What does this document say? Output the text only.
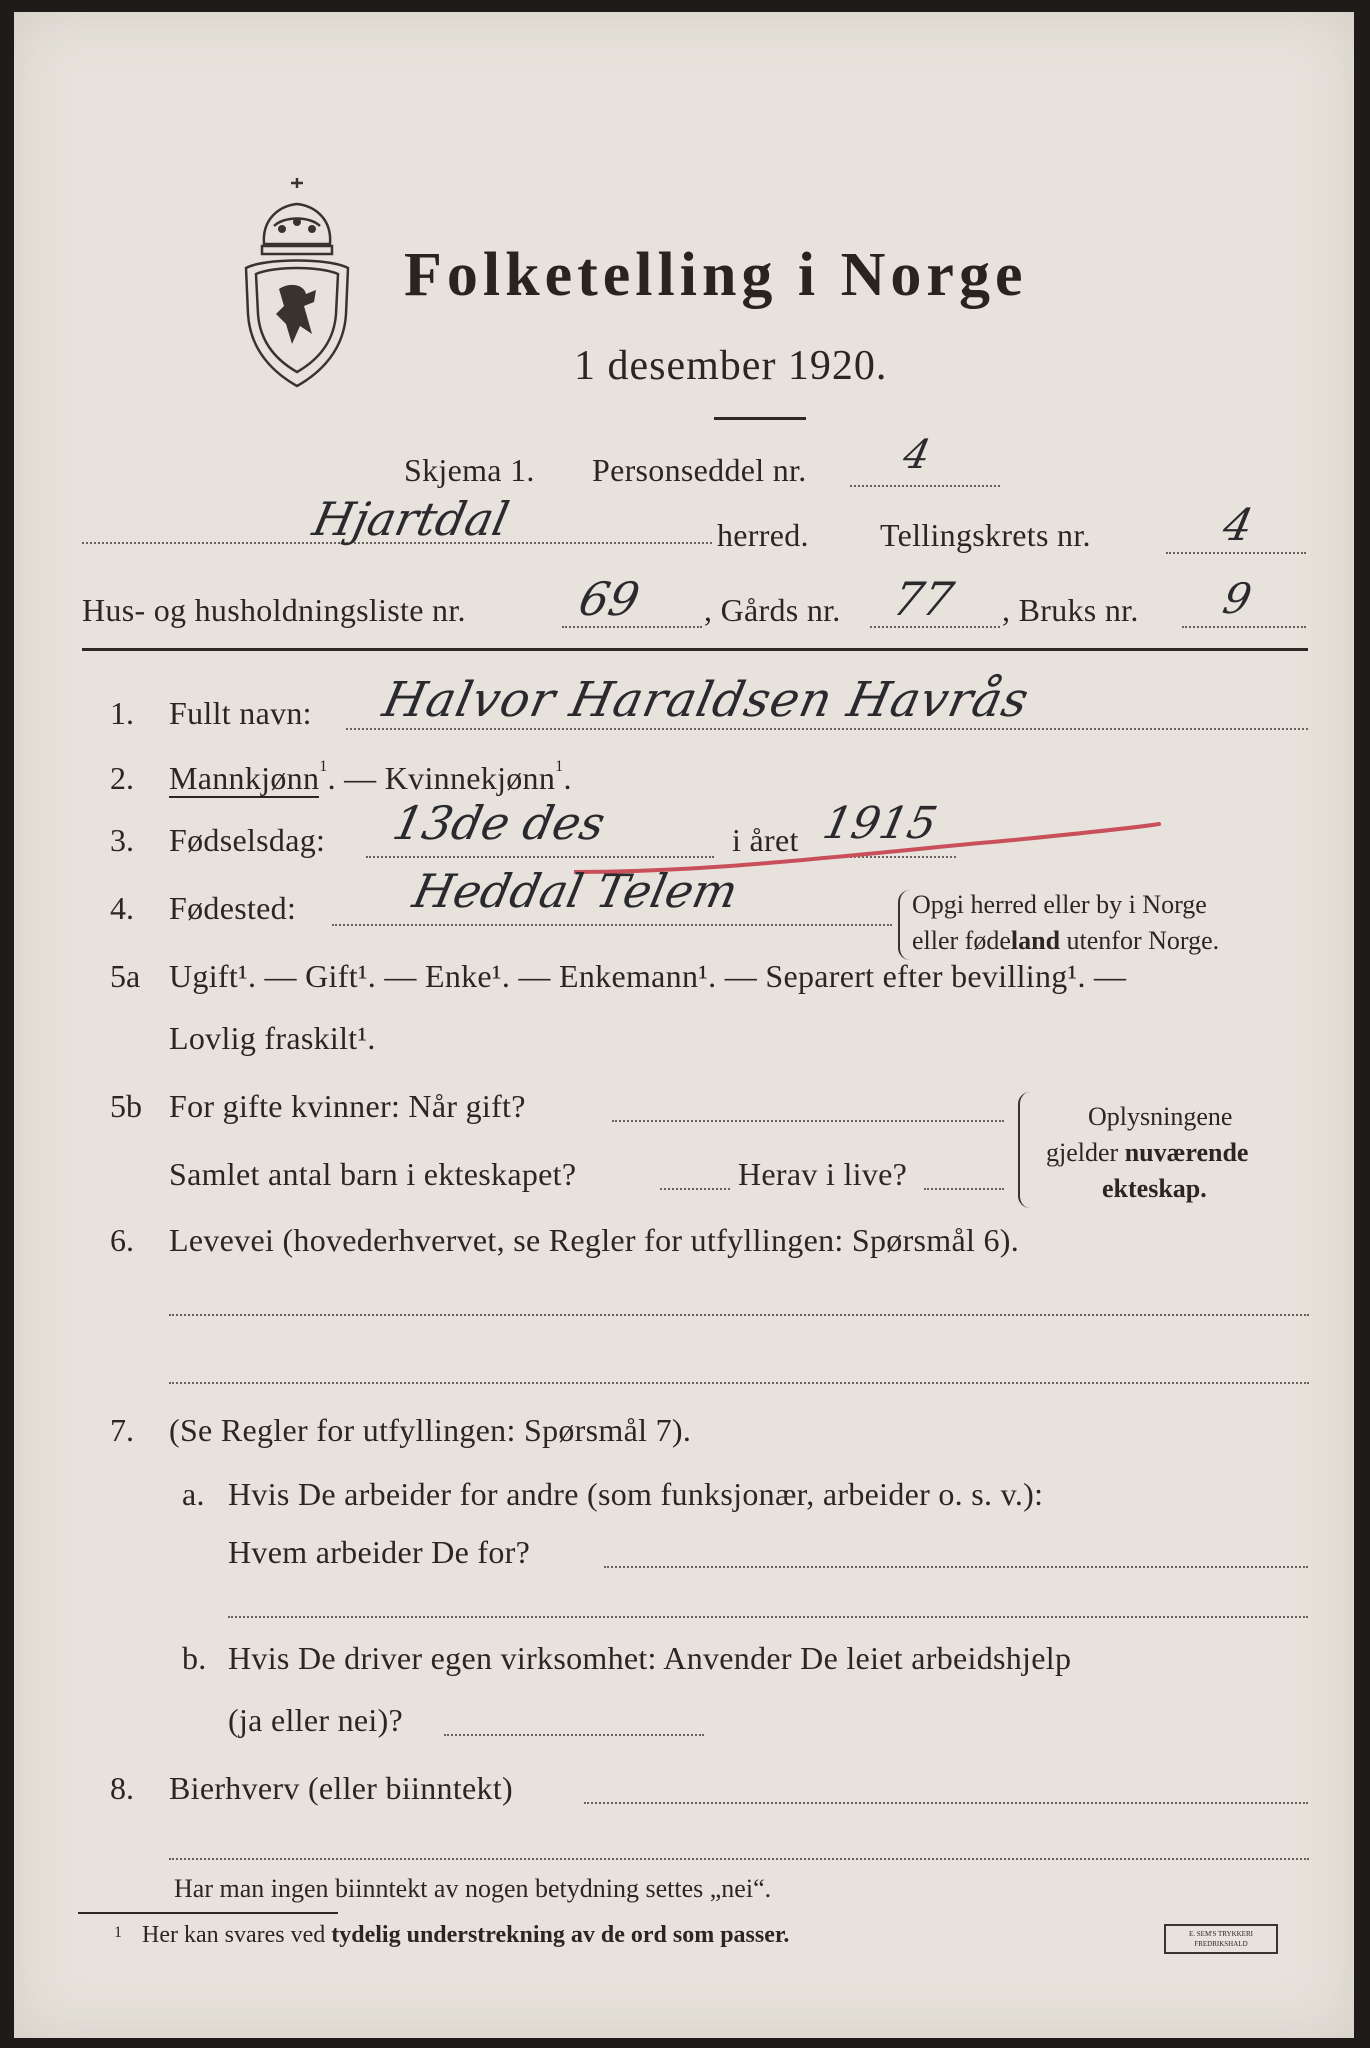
Folketelling i Norge
1 desember 1920.
Skjema 1. Personseddel nr. 4
Hjartdal	herred. Tellingskrets nr.	4
Hus- og husholdningsliste nr. 69 , Gårds nr. 77 , Bruks nr. 9
1. Fullt navn: Halvor Haraldsen Havrås
2. Mannkjønn$^1$. — Kvinnekjønn$^1$.
3. Fødselsdag: 13de des	i året 1915
4. Fødested: Heddal Telem	Opgi herred eller by i Norge
eller fødeland utenfor Norge.
5a Ugift¹. — Gift¹. — Enke¹. — Enkemann¹. — Separert efter bevilling¹. —
Lovlig fraskilt¹.
5b For gifte kvinner: Når gift?
Samlet antal barn i ekteskapet?	Herav i live?
Oplysningene
gjelder nuværende
ekteskap.
6. Levevei (hovederhvervet, se Regler for utfyllingen: Spørsmål 6).
7. (Se Regler for utfyllingen: Spørsmål 7).
a. Hvis De arbeider for andre (som funksjonær, arbeider o. s. v.):
Hvem arbeider De for?
b. Hvis De driver egen virksomhet: Anvender De leiet arbeidshjelp
(ja eller nei)?
8. Bierhverv (eller biinntekt)
Har man ingen biinntekt av nogen betydning settes „nei“.
1 Her kan svares ved tydelig understrekning av de ord som passer.	E. SEM'S TRYKKERI FREDRIKSHALD
